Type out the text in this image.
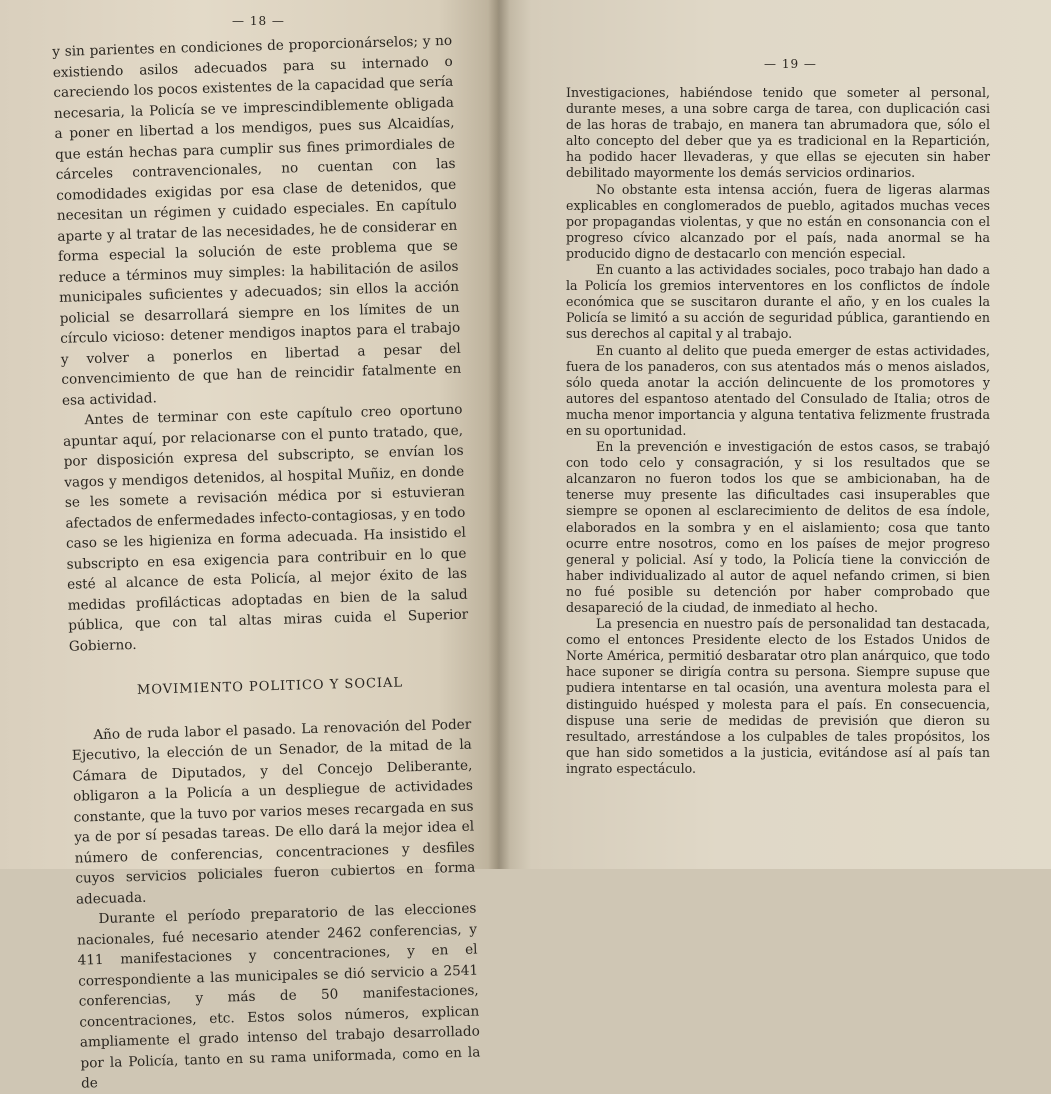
— 18 —

y sin parientes en condiciones de proporcionárselos; y no existiendo asilos adecuados para su internado o careciendo los pocos existentes de la capacidad que sería necesaria, la Policía se ve imprescindiblemente obligada a poner en libertad a los mendigos, pues sus Alcaidías, que están hechas para cumplir sus fines primordiales de cárceles contravencionales, no cuentan con las comodidades exigidas por esa clase de detenidos, que necesitan un régimen y cuidado especiales. En capítulo aparte y al tratar de las necesidades, he de considerar en forma especial la solución de este problema que se reduce a términos muy simples: la habilitación de asilos municipales suficientes y adecuados; sin ellos la acción policial se desarrollará siempre en los límites de un círculo vicioso: detener mendigos inaptos para el trabajo y volver a ponerlos en libertad a pesar del convencimiento de que han de reincidir fatalmente en esa actividad.

Antes de terminar con este capítulo creo oportuno apuntar aquí, por relacionarse con el punto tratado, que, por disposición expresa del subscripto, se envían los vagos y mendigos detenidos, al hospital Muñiz, en donde se les somete a revisación médica por si estuvieran afectados de enfermedades infecto-contagiosas, y en todo caso se les higieniza en forma adecuada. Ha insistido el subscripto en esa exigencia para contribuir en lo que esté al alcance de esta Policía, al mejor éxito de las medidas profilácticas adoptadas en bien de la salud pública, que con tal altas miras cuida el Superior Gobierno.

MOVIMIENTO POLITICO Y SOCIAL

Año de ruda labor el pasado. La renovación del Poder Ejecutivo, la elección de un Senador, de la mitad de la Cámara de Diputados, y del Concejo Deliberante, obligaron a la Policía a un despliegue de actividades constante, que la tuvo por varios meses recargada en sus ya de por sí pesadas tareas. De ello dará la mejor idea el número de conferencias, concentraciones y desfiles cuyos servicios policiales fueron cubiertos en forma adecuada.

Durante el período preparatorio de las elecciones nacionales, fué necesario atender 2462 conferencias, y 411 manifestaciones y concentraciones, y en el correspondiente a las municipales se dió servicio a 2541 conferencias, y más de 50 manifestaciones, concentraciones, etc. Estos solos números, explican ampliamente el grado intenso del trabajo desarrollado por la Policía, tanto en su rama uniformada, como en la de

— 19 —

Investigaciones, habiéndose tenido que someter al personal, durante meses, a una sobre carga de tarea, con duplicación casi de las horas de trabajo, en manera tan abrumadora que, sólo el alto concepto del deber que ya es tradicional en la Repartición, ha podido hacer llevaderas, y que ellas se ejecuten sin haber debilitado mayormente los demás servicios ordinarios.

No obstante esta intensa acción, fuera de ligeras alarmas explicables en conglomerados de pueblo, agitados muchas veces por propagandas violentas, y que no están en consonancia con el progreso cívico alcanzado por el país, nada anormal se ha producido digno de destacarlo con mención especial.

En cuanto a las actividades sociales, poco trabajo han dado a la Policía los gremios interventores en los conflictos de índole económica que se suscitaron durante el año, y en los cuales la Policía se limitó a su acción de seguridad pública, garantiendo en sus derechos al capital y al trabajo.

En cuanto al delito que pueda emerger de estas actividades, fuera de los panaderos, con sus atentados más o menos aislados, sólo queda anotar la acción delincuente de los promotores y autores del espantoso atentado del Consulado de Italia; otros de mucha menor importancia y alguna tentativa felizmente frustrada en su oportunidad.

En la prevención e investigación de estos casos, se trabajó con todo celo y consagración, y si los resultados que se alcanzaron no fueron todos los que se ambicionaban, ha de tenerse muy presente las dificultades casi insuperables que siempre se oponen al esclarecimiento de delitos de esa índole, elaborados en la sombra y en el aislamiento; cosa que tanto ocurre entre nosotros, como en los países de mejor progreso general y policial. Así y todo, la Policía tiene la convicción de haber individualizado al autor de aquel nefando crimen, si bien no fué posible su detención por haber comprobado que desapareció de la ciudad, de inmediato al hecho.

La presencia en nuestro país de personalidad tan destacada, como el entonces Presidente electo de los Estados Unidos de Norte América, permitió desbaratar otro plan anárquico, que todo hace suponer se dirigía contra su persona. Siempre supuse que pudiera intentarse en tal ocasión, una aventura molesta para el distinguido huésped y molesta para el país. En consecuencia, dispuse una serie de medidas de previsión que dieron su resultado, arrestándose a los culpables de tales propósitos, los que han sido sometidos a la justicia, evitándose así al país tan ingrato espectáculo.
